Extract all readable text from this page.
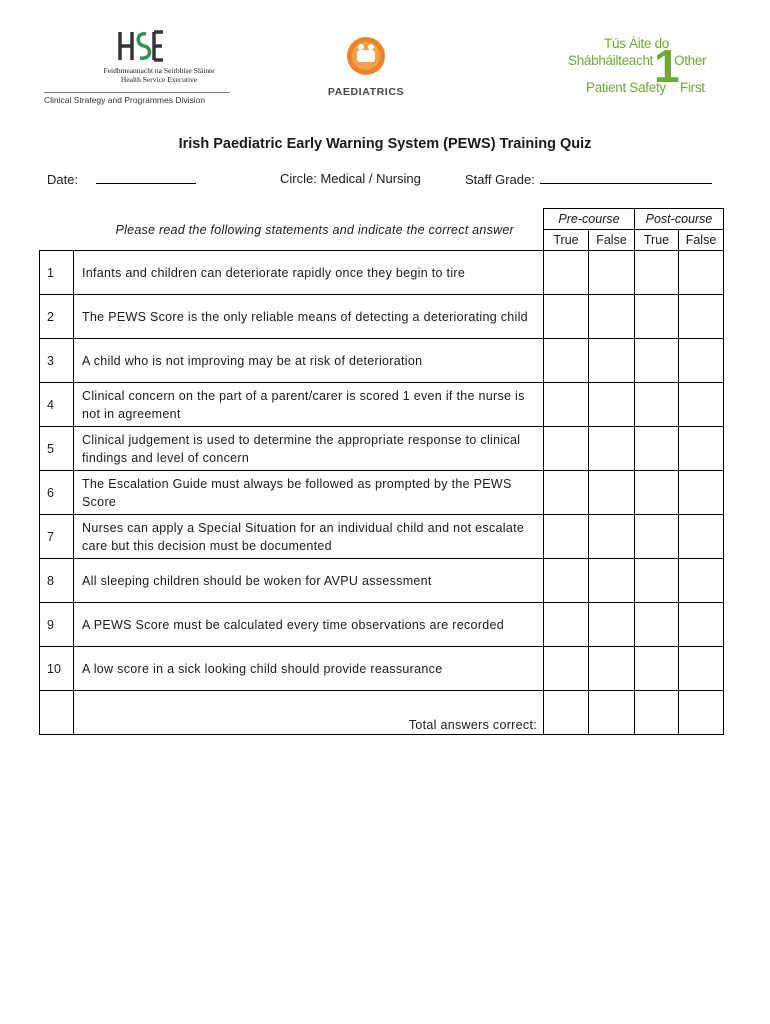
Feidhmeannacht na Seirbhíse Sláinte
Health Service Executive
Clinical Strategy and Programmes Division
PAEDIATRICS
Tús Áite do
Shábháilteacht Other
Patient Safety First
1
Irish Paediatric Early Warning System (PEWS) Training Quiz
Date:	Circle: Medical / Nursing	Staff Grade:
	Please read the following statements and indicate the correct answer	Pre-course		Post-course	
		True	False	True	False
1	Infants and children can deteriorate rapidly once they begin to tire				
2	The PEWS Score is the only reliable means of detecting a deteriorating child				
3	A child who is not improving may be at risk of deterioration				
4	Clinical concern on the part of a parent/carer is scored 1 even if the nurse is not in agreement				
5	Clinical judgement is used to determine the appropriate response to clinical findings and level of concern				
6	The Escalation Guide must always be followed as prompted by the PEWS Score				
7	Nurses can apply a Special Situation for an individual child and not escalate care but this decision must be documented				
8	All sleeping children should be woken for AVPU assessment				
9	A PEWS Score must be calculated every time observations are recorded				
10	A low score in a sick looking child should provide reassurance				
	Total answers correct:				
